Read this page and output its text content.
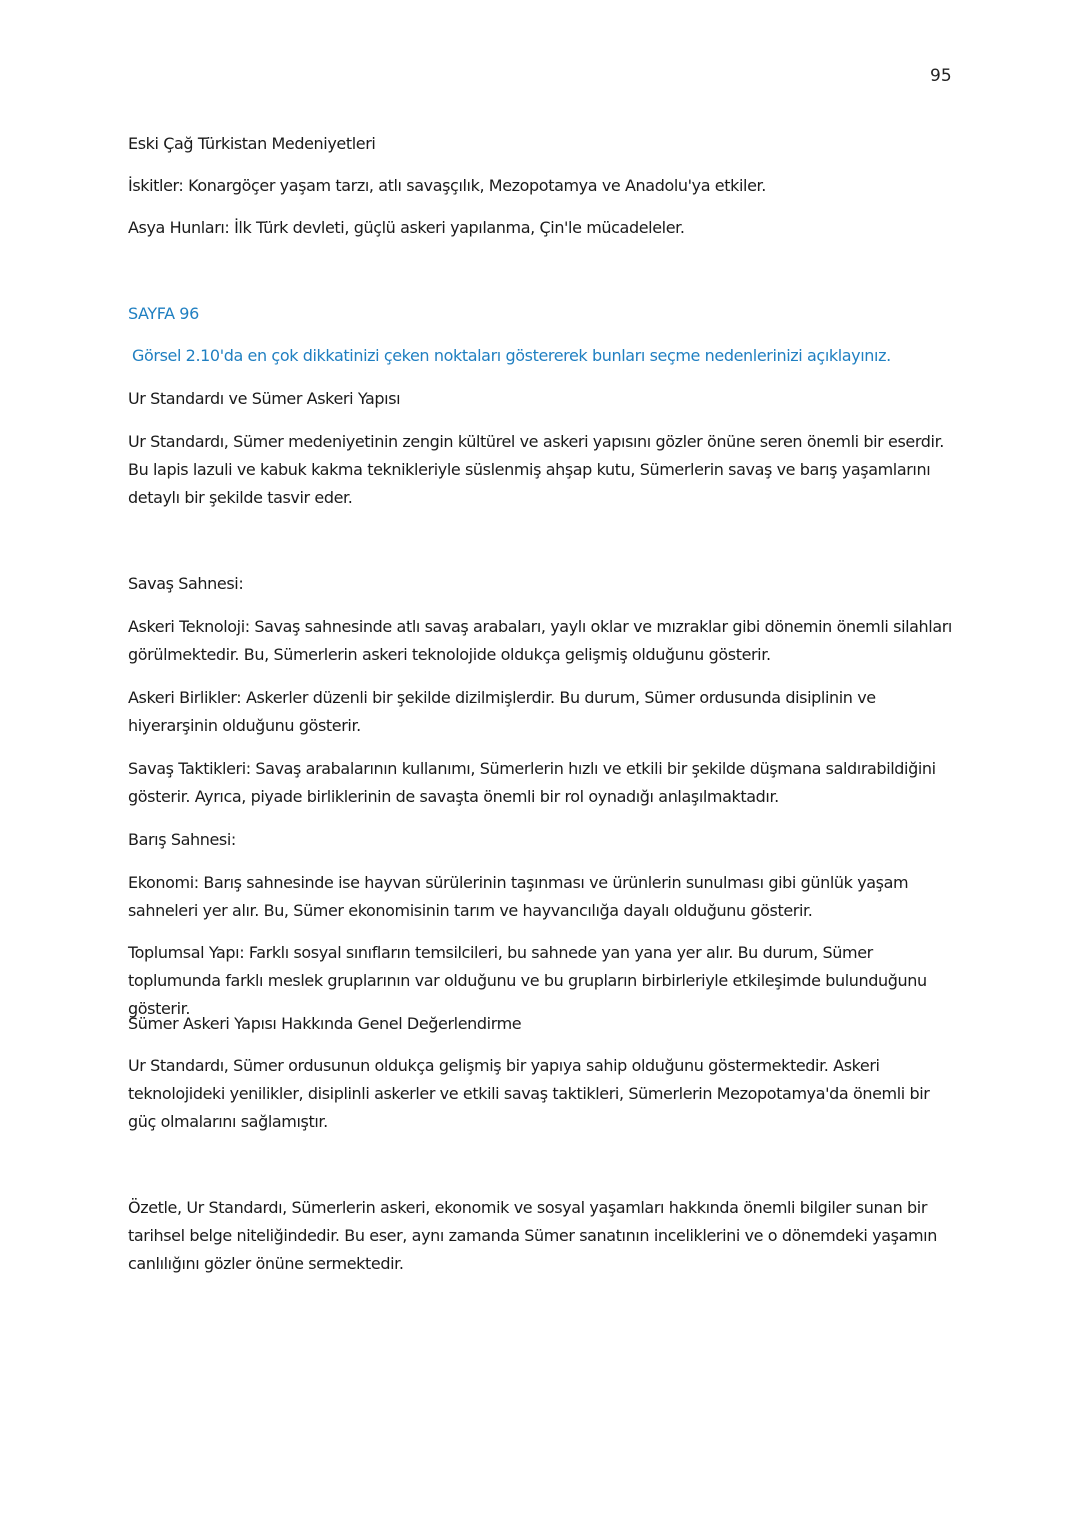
95
Eski Çağ Türkistan Medeniyetleri
İskitler: Konargöçer yaşam tarzı, atlı savaşçılık, Mezopotamya ve Anadolu'ya etkiler.
Asya Hunları: İlk Türk devleti, güçlü askeri yapılanma, Çin'le mücadeleler.
SAYFA 96
Görsel 2.10'da en çok dikkatinizi çeken noktaları göstererek bunları seçme nedenlerinizi açıklayınız.
Ur Standardı ve Sümer Askeri Yapısı
Ur Standardı, Sümer medeniyetinin zengin kültürel ve askeri yapısını gözler önüne seren önemli bir eserdir. Bu lapis lazuli ve kabuk kakma teknikleriyle süslenmiş ahşap kutu, Sümerlerin savaş ve barış yaşamlarını detaylı bir şekilde tasvir eder.
Savaş Sahnesi:
Askeri Teknoloji: Savaş sahnesinde atlı savaş arabaları, yaylı oklar ve mızraklar gibi dönemin önemli silahları görülmektedir. Bu, Sümerlerin askeri teknolojide oldukça gelişmiş olduğunu gösterir.
Askeri Birlikler: Askerler düzenli bir şekilde dizilmişlerdir. Bu durum, Sümer ordusunda disiplinin ve hiyerarşinin olduğunu gösterir.
Savaş Taktikleri: Savaş arabalarının kullanımı, Sümerlerin hızlı ve etkili bir şekilde düşmana saldırabildiğini gösterir. Ayrıca, piyade birliklerinin de savaşta önemli bir rol oynadığı anlaşılmaktadır.
Barış Sahnesi:
Ekonomi: Barış sahnesinde ise hayvan sürülerinin taşınması ve ürünlerin sunulması gibi günlük yaşam sahneleri yer alır. Bu, Sümer ekonomisinin tarım ve hayvancılığa dayalı olduğunu gösterir.
Toplumsal Yapı: Farklı sosyal sınıfların temsilcileri, bu sahnede yan yana yer alır. Bu durum, Sümer toplumunda farklı meslek gruplarının var olduğunu ve bu grupların birbirleriyle etkileşimde bulunduğunu gösterir.
Sümer Askeri Yapısı Hakkında Genel Değerlendirme
Ur Standardı, Sümer ordusunun oldukça gelişmiş bir yapıya sahip olduğunu göstermektedir. Askeri teknolojideki yenilikler, disiplinli askerler ve etkili savaş taktikleri, Sümerlerin Mezopotamya'da önemli bir güç olmalarını sağlamıştır.
Özetle, Ur Standardı, Sümerlerin askeri, ekonomik ve sosyal yaşamları hakkında önemli bilgiler sunan bir tarihsel belge niteliğindedir. Bu eser, aynı zamanda Sümer sanatının inceliklerini ve o dönemdeki yaşamın canlılığını gözler önüne sermektedir.
